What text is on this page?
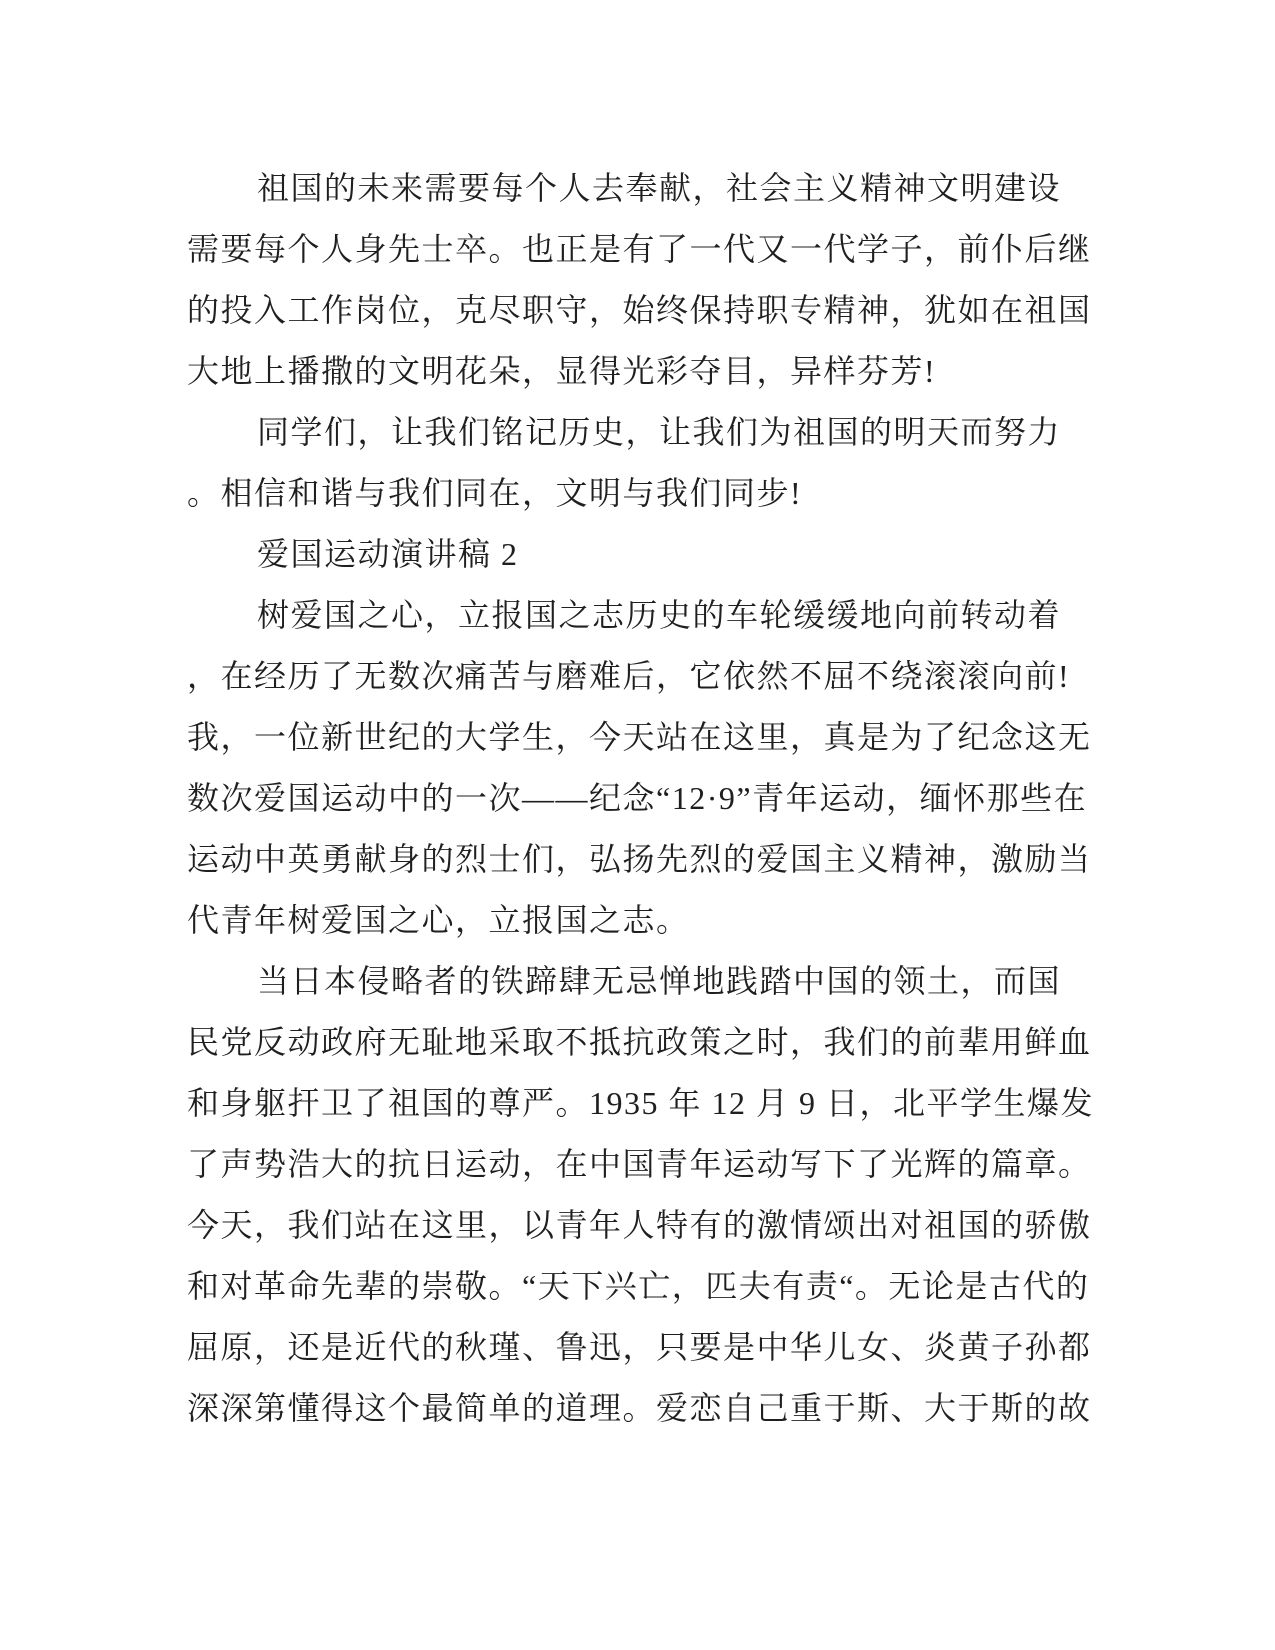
祖国的未来需要每个人去奉献，社会主义精神文明建设
需要每个人身先士卒。也正是有了一代又一代学子，前仆后继
的投入工作岗位，克尽职守，始终保持职专精神，犹如在祖国
大地上播撒的文明花朵，显得光彩夺目，异样芬芳!
同学们，让我们铭记历史，让我们为祖国的明天而努力
。相信和谐与我们同在，文明与我们同步!
爱国运动演讲稿 2
树爱国之心，立报国之志历史的车轮缓缓地向前转动着
，在经历了无数次痛苦与磨难后，它依然不屈不绕滚滚向前!
我，一位新世纪的大学生，今天站在这里，真是为了纪念这无
数次爱国运动中的一次——纪念“12·9”青年运动，缅怀那些在
运动中英勇献身的烈士们，弘扬先烈的爱国主义精神，激励当
代青年树爱国之心，立报国之志。
当日本侵略者的铁蹄肆无忌惮地践踏中国的领土，而国
民党反动政府无耻地采取不抵抗政策之时，我们的前辈用鲜血
和身躯扞卫了祖国的尊严。1935 年 12 月 9 日，北平学生爆发
了声势浩大的抗日运动，在中国青年运动写下了光辉的篇章。
今天，我们站在这里，以青年人特有的激情颂出对祖国的骄傲
和对革命先辈的崇敬。“天下兴亡，匹夫有责“。无论是古代的
屈原，还是近代的秋瑾、鲁迅，只要是中华儿女、炎黄子孙都
深深第懂得这个最简单的道理。爱恋自己重于斯、大于斯的故
